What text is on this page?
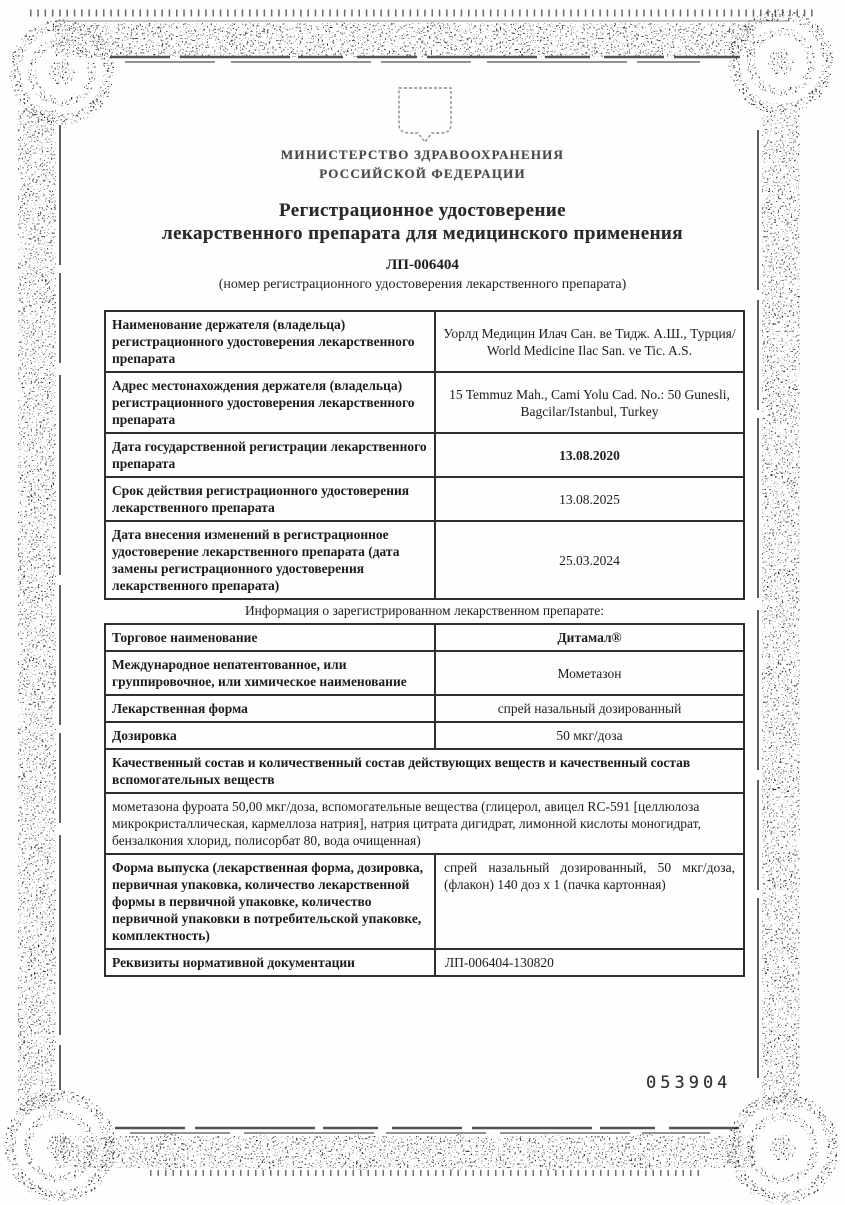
МИНИСТЕРСТВО ЗДРАВООХРАНЕНИЯ
РОССИЙСКОЙ ФЕДЕРАЦИИ
Регистрационное удостоверение
лекарственного препарата для медицинского применения
ЛП-006404
(номер регистрационного удостоверения лекарственного препарата)
Наименование держателя (владельца) регистрационного удостоверения лекарственного препарата	Уорлд Медицин Илач Сан. ве Тидж. А.Ш., Турция/ World Medicine Ilac San. ve Tic. A.S.
Адрес местонахождения держателя (владельца) регистрационного удостоверения лекарственного препарата	15 Temmuz Mah., Cami Yolu Cad. No.: 50 Gunesli, Bagcilar/Istanbul, Turkey
Дата государственной регистрации лекарственного препарата	13.08.2020
Срок действия регистрационного удостоверения лекарственного препарата	13.08.2025
Дата внесения изменений в регистрационное удостоверение лекарственного препарата (дата замены регистрационного удостоверения лекарственного препарата)	25.03.2024
Информация о зарегистрированном лекарственном препарате:
Торговое наименование	Дитамал®
Международное непатентованное, или группировочное, или химическое наименование	Мометазон
Лекарственная форма	спрей назальный дозированный
Дозировка	50 мкг/доза
Качественный состав и количественный состав действующих веществ и качественный состав вспомогательных веществ	
мометазона фуроата 50,00 мкг/доза, вспомогательные вещества (глицерол, авицел RC-591 [целлюлоза микрокристаллическая, кармеллоза натрия], натрия цитрата дигидрат, лимонной кислоты моногидрат, бензалкония хлорид, полисорбат 80, вода очищенная)	
Форма выпуска (лекарственная форма, дозировка, первичная упаковка, количество лекарственной формы в первичной упаковке, количество первичной упаковки в потребительской упаковке, комплектность)	спрей назальный дозированный, 50 мкг/доза, (флакон) 140 доз х 1 (пачка картонная)
Реквизиты нормативной документации	ЛП-006404-130820
053904
